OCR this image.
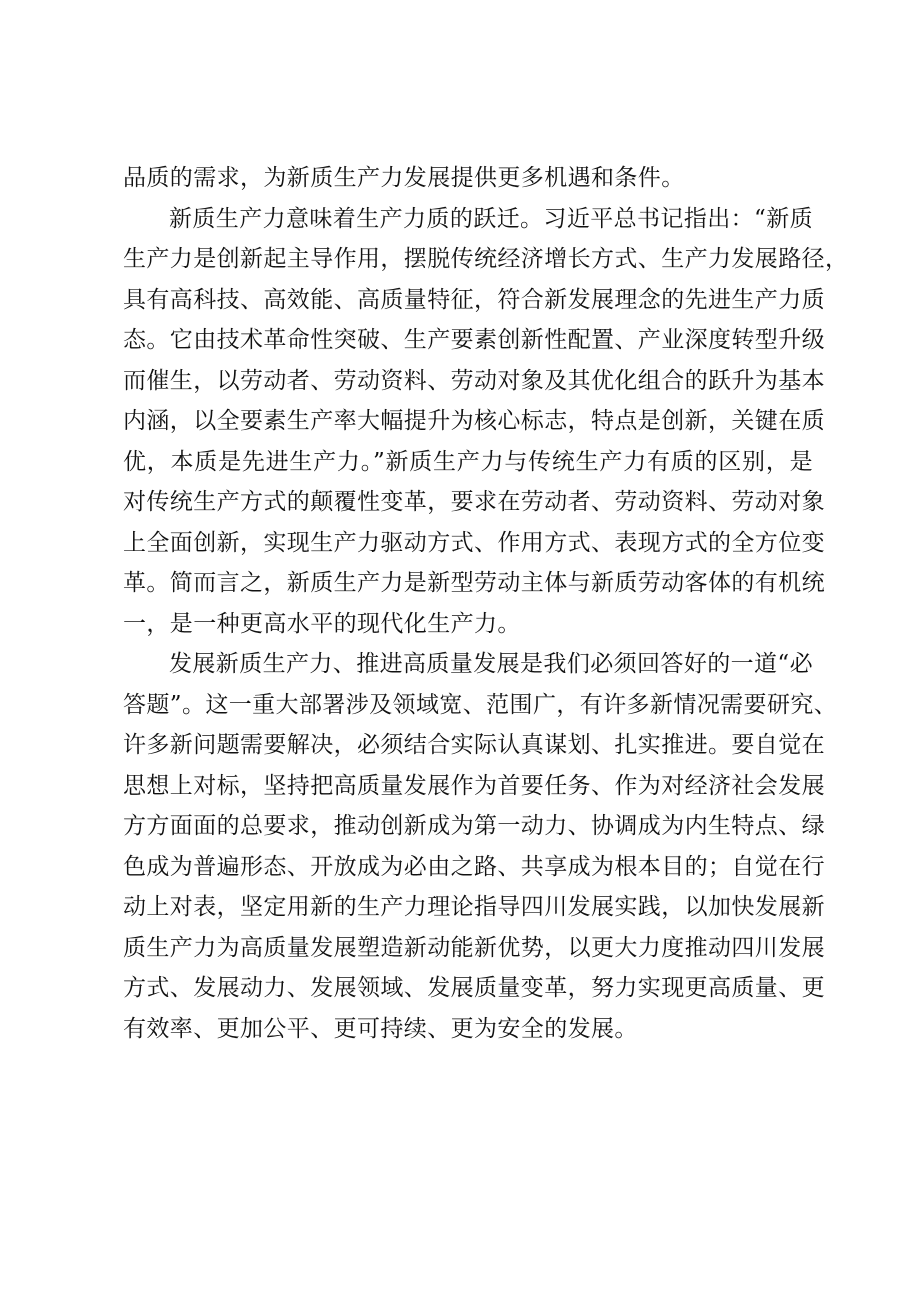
品质的需求，为新质生产力发展提供更多机遇和条件。
新质生产力意味着生产力质的跃迁。习近平总书记指出：“新质
生产力是创新起主导作用，摆脱传统经济增长方式、生产力发展路径，
具有高科技、高效能、高质量特征，符合新发展理念的先进生产力质
态。它由技术革命性突破、生产要素创新性配置、产业深度转型升级
而催生，以劳动者、劳动资料、劳动对象及其优化组合的跃升为基本
内涵，以全要素生产率大幅提升为核心标志，特点是创新，关键在质
优，本质是先进生产力。”新质生产力与传统生产力有质的区别，是
对传统生产方式的颠覆性变革，要求在劳动者、劳动资料、劳动对象
上全面创新，实现生产力驱动方式、作用方式、表现方式的全方位变
革。简而言之，新质生产力是新型劳动主体与新质劳动客体的有机统
一，是一种更高水平的现代化生产力。
发展新质生产力、推进高质量发展是我们必须回答好的一道“必
答题”。这一重大部署涉及领域宽、范围广，有许多新情况需要研究、
许多新问题需要解决，必须结合实际认真谋划、扎实推进。要自觉在
思想上对标，坚持把高质量发展作为首要任务、作为对经济社会发展
方方面面的总要求，推动创新成为第一动力、协调成为内生特点、绿
色成为普遍形态、开放成为必由之路、共享成为根本目的；自觉在行
动上对表，坚定用新的生产力理论指导四川发展实践，以加快发展新
质生产力为高质量发展塑造新动能新优势，以更大力度推动四川发展
方式、发展动力、发展领域、发展质量变革，努力实现更高质量、更
有效率、更加公平、更可持续、更为安全的发展。
